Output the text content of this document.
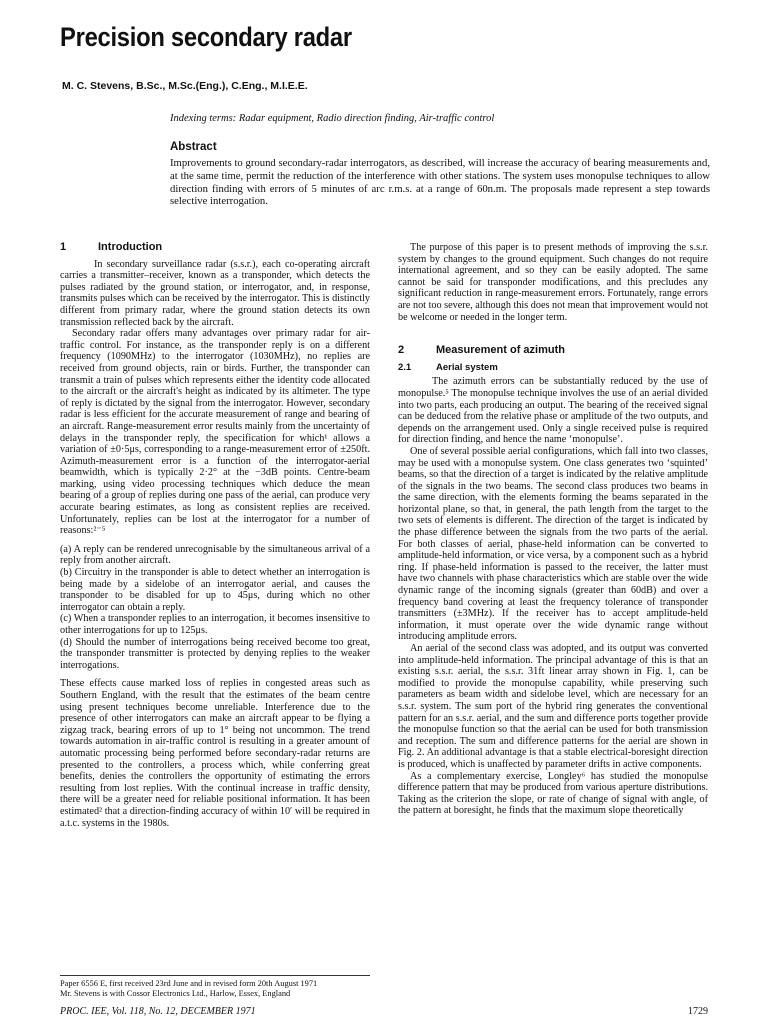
Precision secondary radar
M. C. Stevens, B.Sc., M.Sc.(Eng.), C.Eng., M.I.E.E.
Indexing terms: Radar equipment, Radio direction finding, Air-traffic control
Abstract
Improvements to ground secondary-radar interrogators, as described, will increase the accuracy of bearing measurements and, at the same time, permit the reduction of the interference with other stations. The system uses monopulse techniques to allow direction finding with errors of 5 minutes of arc r.m.s. at a range of 60n.m. The proposals made represent a step towards selective interrogation.
1	Introduction

In secondary surveillance radar (s.s.r.), each co-operating aircraft carries a transmitter–receiver, known as a transponder, which detects the pulses radiated by the ground station, or interrogator, and, in response, transmits pulses which can be received by the interrogator. This is distinctly different from primary radar, where the ground station detects its own transmission reflected back by the aircraft.

Secondary radar offers many advantages over primary radar for air-traffic control. For instance, as the transponder reply is on a different frequency (1090MHz) to the interrogator (1030MHz), no replies are received from ground objects, rain or birds. Further, the transponder can transmit a train of pulses which represents either the identity code allocated to the aircraft or the aircraft's height as indicated by its altimeter. The type of reply is dictated by the signal from the interrogator. However, secondary radar is less efficient for the accurate measurement of range and bearing of an aircraft. Range-measurement error results mainly from the uncertainty of delays in the transponder reply, the specification for which¹ allows a variation of ±0·5μs, corresponding to a range-measurement error of ±250ft. Azimuth-measurement error is a function of the interrogator-aerial beamwidth, which is typically 2·2° at the −3dB points. Centre-beam marking, using video processing techniques which deduce the mean bearing of a group of replies during one pass of the aerial, can produce very accurate bearing estimates, as long as consistent replies are received. Unfortunately, replies can be lost at the interrogator for a number of reasons:²⁻⁵

(a) A reply can be rendered unrecognisable by the simultaneous arrival of a reply from another aircraft.

(b) Circuitry in the transponder is able to detect whether an interrogation is being made by a sidelobe of an interrogator aerial, and causes the transponder to be disabled for up to 45μs, during which no other interrogator can obtain a reply.

(c) When a transponder replies to an interrogation, it becomes insensitive to other interrogations for up to 125μs.

(d) Should the number of interrogations being received become too great, the transponder transmitter is protected by denying replies to the weaker interrogations.

These effects cause marked loss of replies in congested areas such as Southern England, with the result that the estimates of the beam centre using present techniques become unreliable. Interference due to the presence of other interrogators can make an aircraft appear to be flying a zigzag track, bearing errors of up to 1° being not uncommon. The trend towards automation in air-traffic control is resulting in a greater amount of automatic processing being performed before secondary-radar returns are presented to the controllers, a process which, while conferring great benefits, denies the controllers the opportunity of estimating the errors resulting from lost replies. With the continual increase in traffic density, there will be a greater need for reliable positional information. It has been estimated² that a direction-finding accuracy of within 10′ will be required in a.t.c. systems in the 1980s.

The purpose of this paper is to present methods of improving the s.s.r. system by changes to the ground equipment. Such changes do not require international agreement, and so they can be easily adopted. The same cannot be said for transponder modifications, and this precludes any significant reduction in range-measurement errors. Fortunately, range errors are not too severe, although this does not mean that improvement would not be welcome or needed in the longer term.

2	Measurement of azimuth
2.1	Aerial system

The azimuth errors can be substantially reduced by the use of monopulse.⁵ The monopulse technique involves the use of an aerial divided into two parts, each producing an output. The bearing of the received signal can be deduced from the relative phase or amplitude of the two outputs, and depends on the arrangement used. Only a single received pulse is required for direction finding, and hence the name ‘monopulse’.

One of several possible aerial configurations, which fall into two classes, may be used with a monopulse system. One class generates two ‘squinted’ beams, so that the direction of a target is indicated by the relative amplitude of the signals in the two beams. The second class produces two beams in the same direction, with the elements forming the beams separated in the horizontal plane, so that, in general, the path length from the target to the two sets of elements is different. The direction of the target is indicated by the phase difference between the signals from the two parts of the aerial. For both classes of aerial, phase-held information can be converted to amplitude-held information, or vice versa, by a component such as a hybrid ring. If phase-held information is passed to the receiver, the latter must have two channels with phase characteristics which are stable over the wide dynamic range of the incoming signals (greater than 60dB) and over a frequency band covering at least the frequency tolerance of transponder transmitters (±3MHz). If the receiver has to accept amplitude-held information, it must operate over the wide dynamic range without introducing amplitude errors.

An aerial of the second class was adopted, and its output was converted into amplitude-held information. The principal advantage of this is that an existing s.s.r. aerial, the s.s.r. 31ft linear array shown in Fig. 1, can be modified to provide the monopulse capability, while preserving such parameters as beam width and sidelobe level, which are necessary for an s.s.r. system. The sum port of the hybrid ring generates the conventional pattern for an s.s.r. aerial, and the sum and difference ports together provide the monopulse function so that the aerial can be used for both transmission and reception. The sum and difference patterns for the aerial are shown in Fig. 2. An additional advantage is that a stable electrical-boresight direction is produced, which is unaffected by parameter drifts in active components.

As a complementary exercise, Longley⁶ has studied the monopulse difference pattern that may be produced from various aperture distributions. Taking as the criterion the slope, or rate of change of signal with angle, of the pattern at boresight, he finds that the maximum slope theoretically

Paper 6556 E, first received 23rd June and in revised form 20th August 1971
Mr. Stevens is with Cossor Electronics Ltd., Harlow, Essex, England
PROC. IEE, Vol. 118, No. 12, DECEMBER 1971	1729
